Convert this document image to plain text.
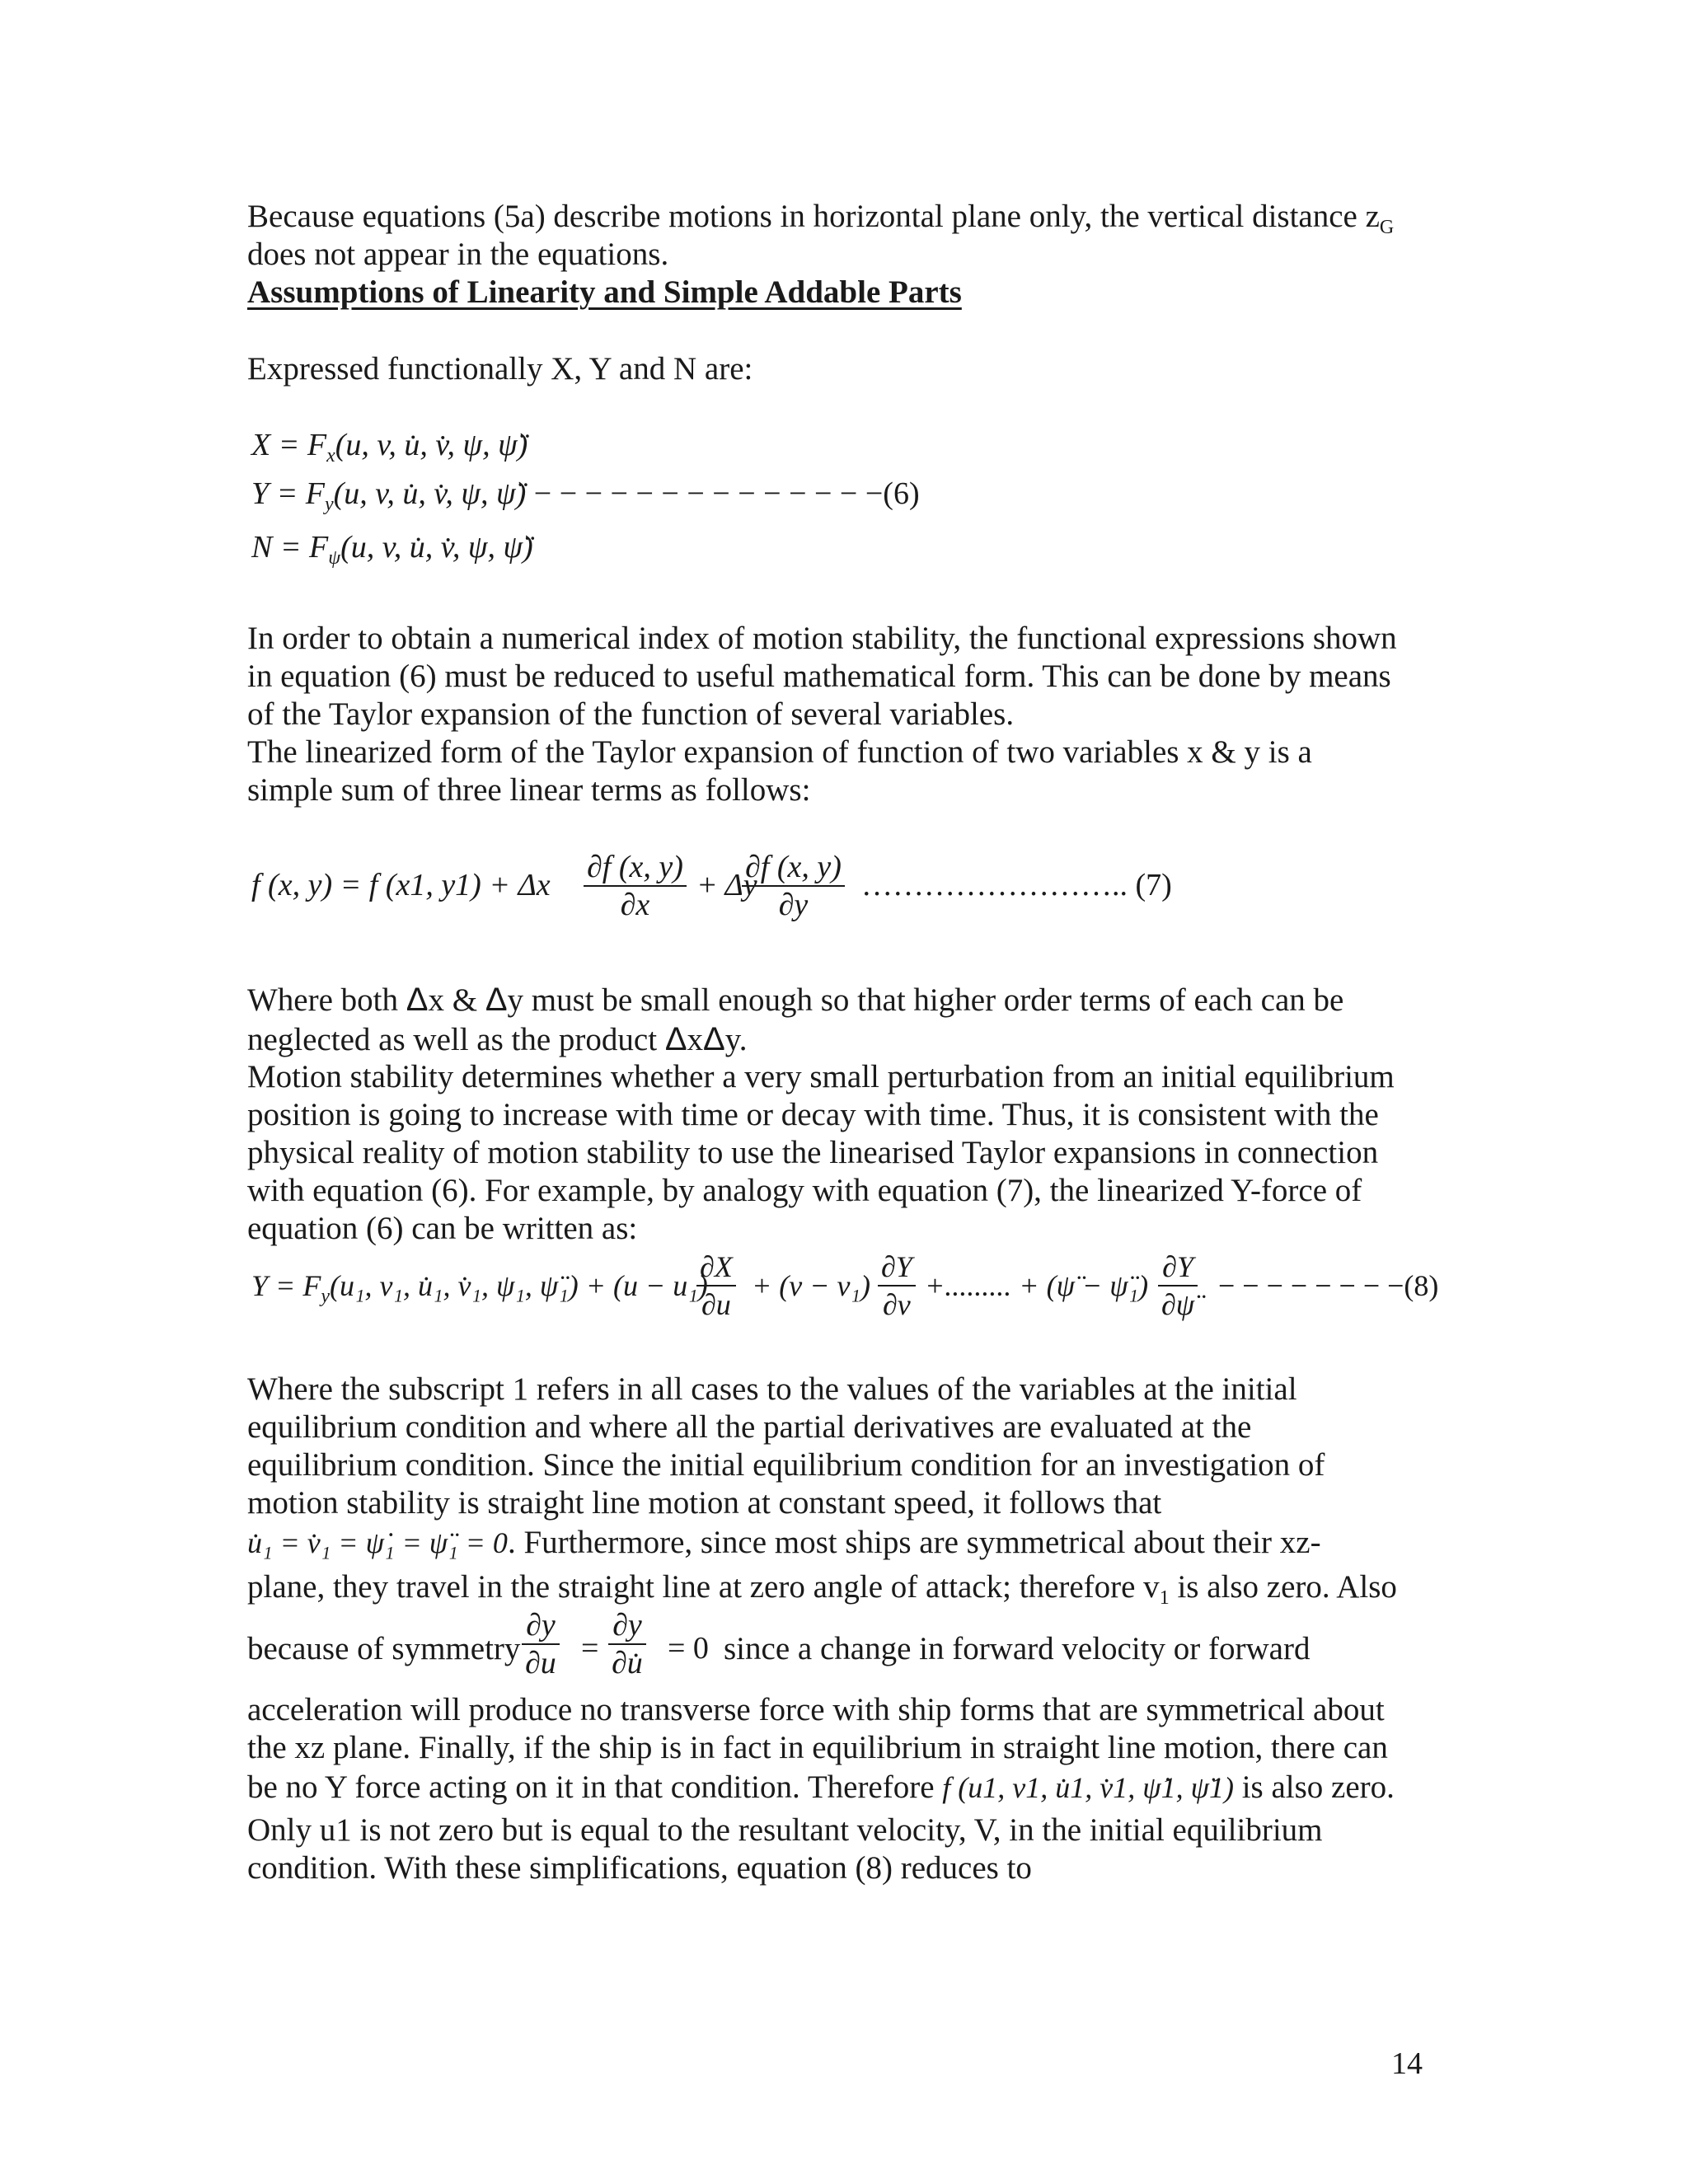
Because equations (5a) describe motions in horizontal plane only, the vertical distance $z_G$
does not appear in the equations.
Assumptions of Linearity and Simple Addable Parts
Expressed functionally X, Y and N are:
$X = F_x(u$, v, u̇, v̇, ψ, ψ̈)
$Y = F_y(u$, v, u̇, v̇, ψ, ψ̈) − − − − − − − − − − − − − −(6)
$N = F_\psi(u$, v, u̇, v̇, ψ, ψ̈)
In order to obtain a numerical index of motion stability, the functional expressions shown
in equation (6) must be reduced to useful mathematical form. This can be done by means
of the Taylor expansion of the function of several variables.
The linearized form of the Taylor expansion of function of two variables x & y is a
simple sum of three linear terms as follows:
f (x, y) = f (x1, y1) + Δx $\frac{\partial f (x, y)}{\partial x} + \Delta y$
$\frac{\partial f (x, y)}{\partial y}$ …………………….. (7)
Where both Δx & Δy must be small enough so that higher order terms of each can be
neglected as well as the product ΔxΔy.
Motion stability determines whether a very small perturbation from an initial equilibrium
position is going to increase with time or decay with time. Thus, it is consistent with the
physical reality of motion stability to use the linearised Taylor expansions in connection
with equation (6). For example, by analogy with equation (7), the linearized Y-force of
equation (6) can be written as:
$Y = F_y(u_1$, v₁, u̇₁, v̇₁, ψ₁, ψ̈₁) + (u − u₁)
$\frac{\partial X}{\partial u} + (v - v_1) \frac{\partial Y}{\partial v}$ +......... + (ψ̈ − ψ̈₁) $\frac{\partial Y}{\partial\psï}$ − − − − − − − −(8)
Where the subscript 1 refers in all cases to the values of the variables at the initial
equilibrium condition and where all the partial derivatives are evaluated at the
equilibrium condition. Since the initial equilibrium condition for an investigation of
motion stability is straight line motion at constant speed, it follows that
u̇₁ = v̇₁ = ψ̇₁ = ψ̈₁ = 0. Furthermore, since most ships are symmetrical about their xz-
plane, they travel in the straight line at zero angle of attack; therefore $v_1$ is also zero. Also
because of symmetry $\frac{\partial y}{\partial u} = \frac{\partial y}{\partial u̇} = 0$ since a change in forward velocity or forward
acceleration will produce no transverse force with ship forms that are symmetrical about
the xz plane. Finally, if the ship is in fact in equilibrium in straight line motion, there can
be no Y force acting on it in that condition. Therefore f (u1, v1, u̇1, v̇1, ψ̇1, ψ̈1) is also zero.
Only u1 is not zero but is equal to the resultant velocity, V, in the initial equilibrium
condition. With these simplifications, equation (8) reduces to
14
